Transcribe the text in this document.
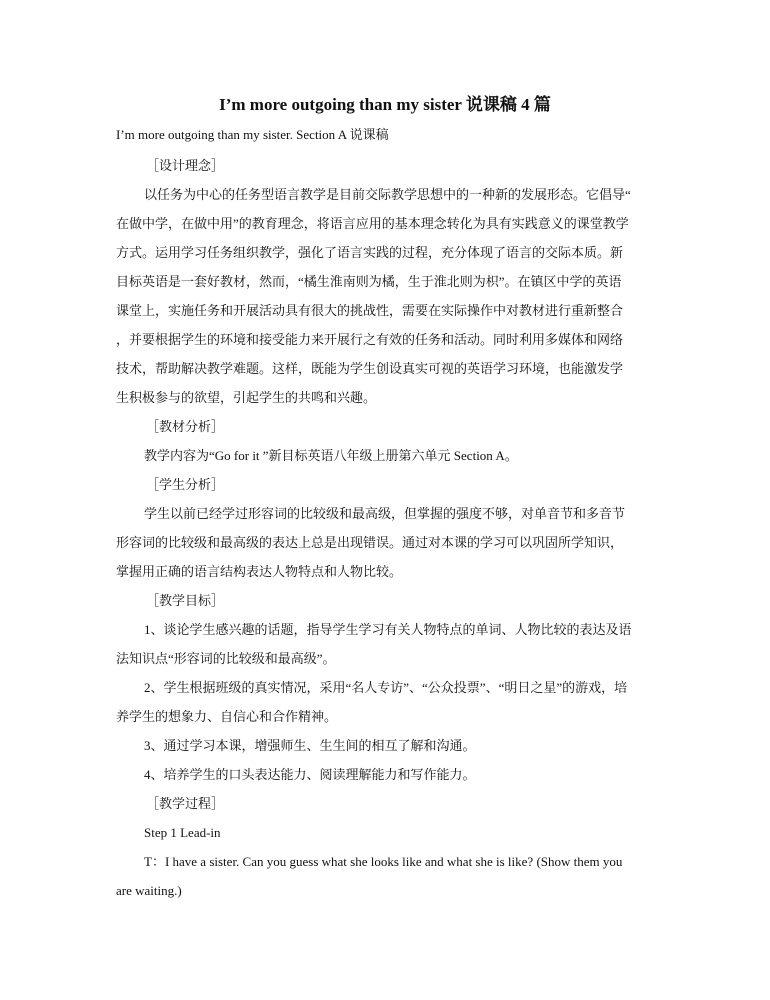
I’m more outgoing than my sister 说课稿 4 篇

I’m more outgoing than my sister. Section A 说课稿

［设计理念］

以任务为中心的任务型语言教学是目前交际教学思想中的一种新的发展形态。它倡导“
在做中学，在做中用”的教育理念，将语言应用的基本理念转化为具有实践意义的课堂教学
方式。运用学习任务组织教学，强化了语言实践的过程，充分体现了语言的交际本质。新
目标英语是一套好教材，然而，“橘生淮南则为橘，生于淮北则为枳”。在镇区中学的英语
课堂上，实施任务和开展活动具有很大的挑战性，需要在实际操作中对教材进行重新整合
，并要根据学生的环境和接受能力来开展行之有效的任务和活动。同时利用多媒体和网络
技术，帮助解决教学难题。这样，既能为学生创设真实可视的英语学习环境，也能激发学
生积极参与的欲望，引起学生的共鸣和兴趣。

［教材分析］

教学内容为“Go for it ”新目标英语八年级上册第六单元 Section A。

［学生分析］

学生以前已经学过形容词的比较级和最高级，但掌握的强度不够，对单音节和多音节
形容词的比较级和最高级的表达上总是出现错误。通过对本课的学习可以巩固所学知识，
掌握用正确的语言结构表达人物特点和人物比较。

［教学目标］

1、谈论学生感兴趣的话题，指导学生学习有关人物特点的单词、人物比较的表达及语
法知识点“形容词的比较级和最高级”。

2、学生根据班级的真实情况，采用“名人专访”、“公众投票”、“明日之星”的游戏，培
养学生的想象力、自信心和合作精神。

3、通过学习本课，增强师生、生生间的相互了解和沟通。

4、培养学生的口头表达能力、阅读理解能力和写作能力。

［教学过程］

Step 1 Lead-in

T：I have a sister. Can you guess what she looks like and what she is like? (Show them you
are waiting.)
